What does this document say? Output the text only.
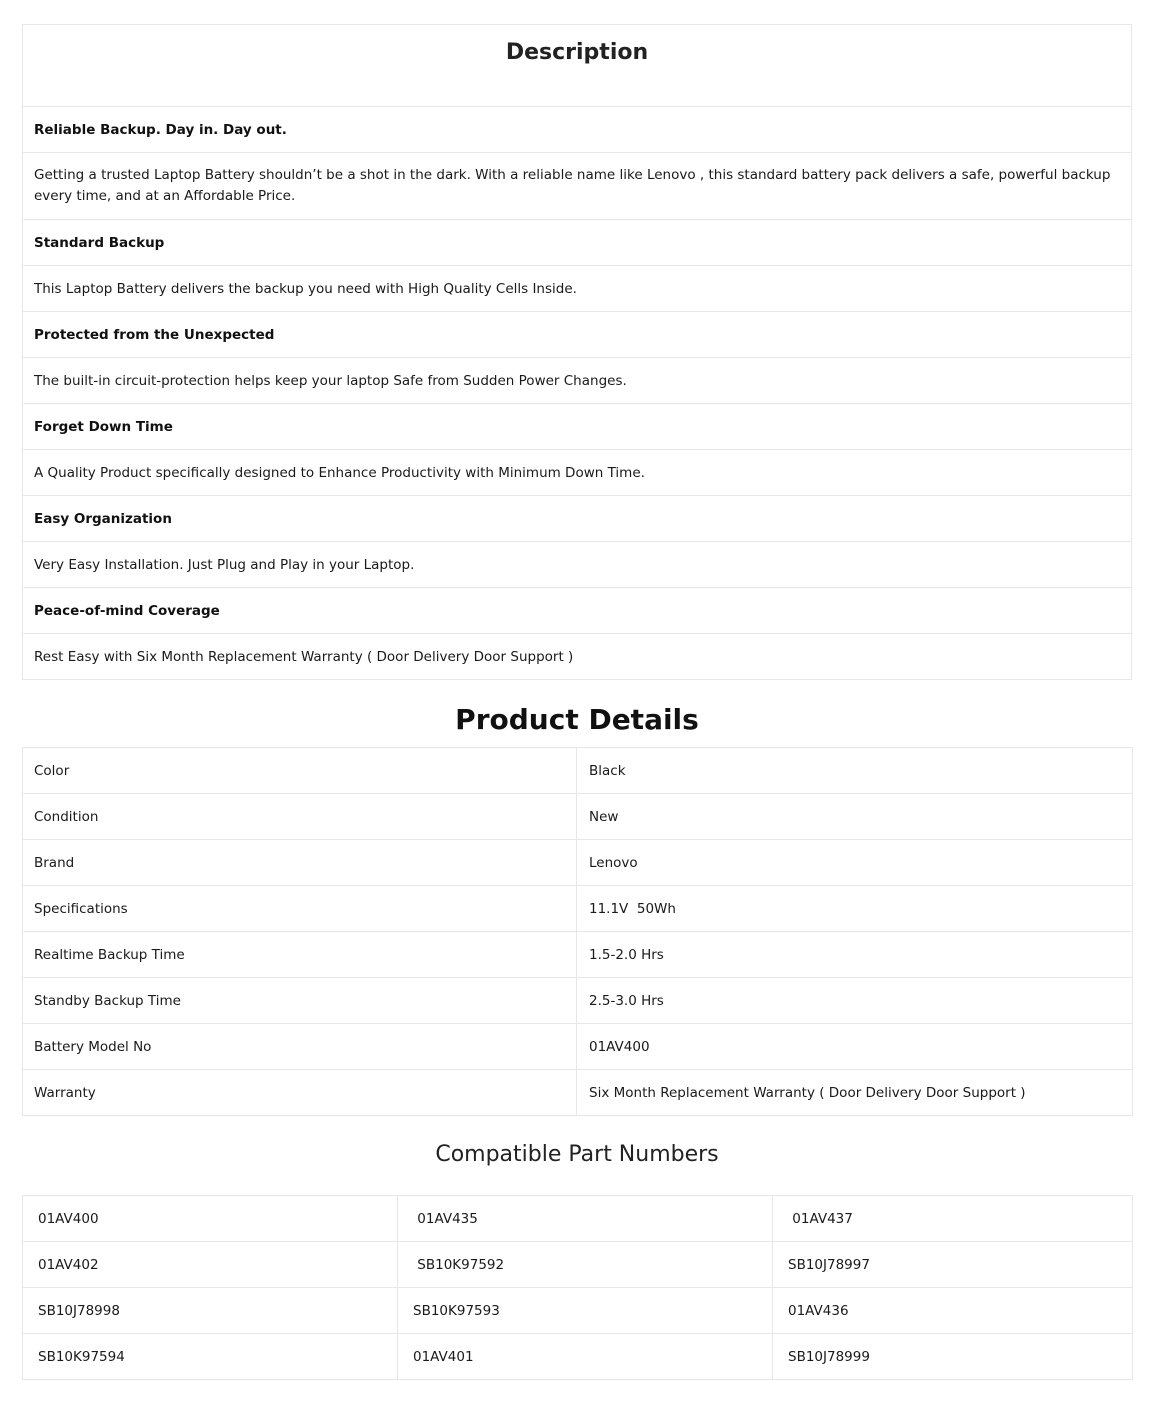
Description
Reliable Backup. Day in. Day out.
Getting a trusted Laptop Battery shouldn’t be a shot in the dark. With a reliable name like Lenovo , this standard battery pack delivers a safe, powerful backup every time, and at an Affordable Price.
Standard Backup
This Laptop Battery delivers the backup you need with High Quality Cells Inside.
Protected from the Unexpected
The built-in circuit-protection helps keep your laptop Safe from Sudden Power Changes.
Forget Down Time
A Quality Product specifically designed to Enhance Productivity with Minimum Down Time.
Easy Organization
Very Easy Installation. Just Plug and Play in your Laptop.
Peace-of-mind Coverage
Rest Easy with Six Month Replacement Warranty ( Door Delivery Door Support )
Product Details
Color	Black
Condition	New
Brand	Lenovo
Specifications	11.1V  50Wh
Realtime Backup Time	1.5-2.0 Hrs
Standby Backup Time	2.5-3.0 Hrs
Battery Model No	01AV400
Warranty	Six Month Replacement Warranty ( Door Delivery Door Support )
Compatible Part Numbers
01AV400	01AV435	01AV437
01AV402	SB10K97592	SB10J78997
SB10J78998	SB10K97593	01AV436
SB10K97594	01AV401	SB10J78999
